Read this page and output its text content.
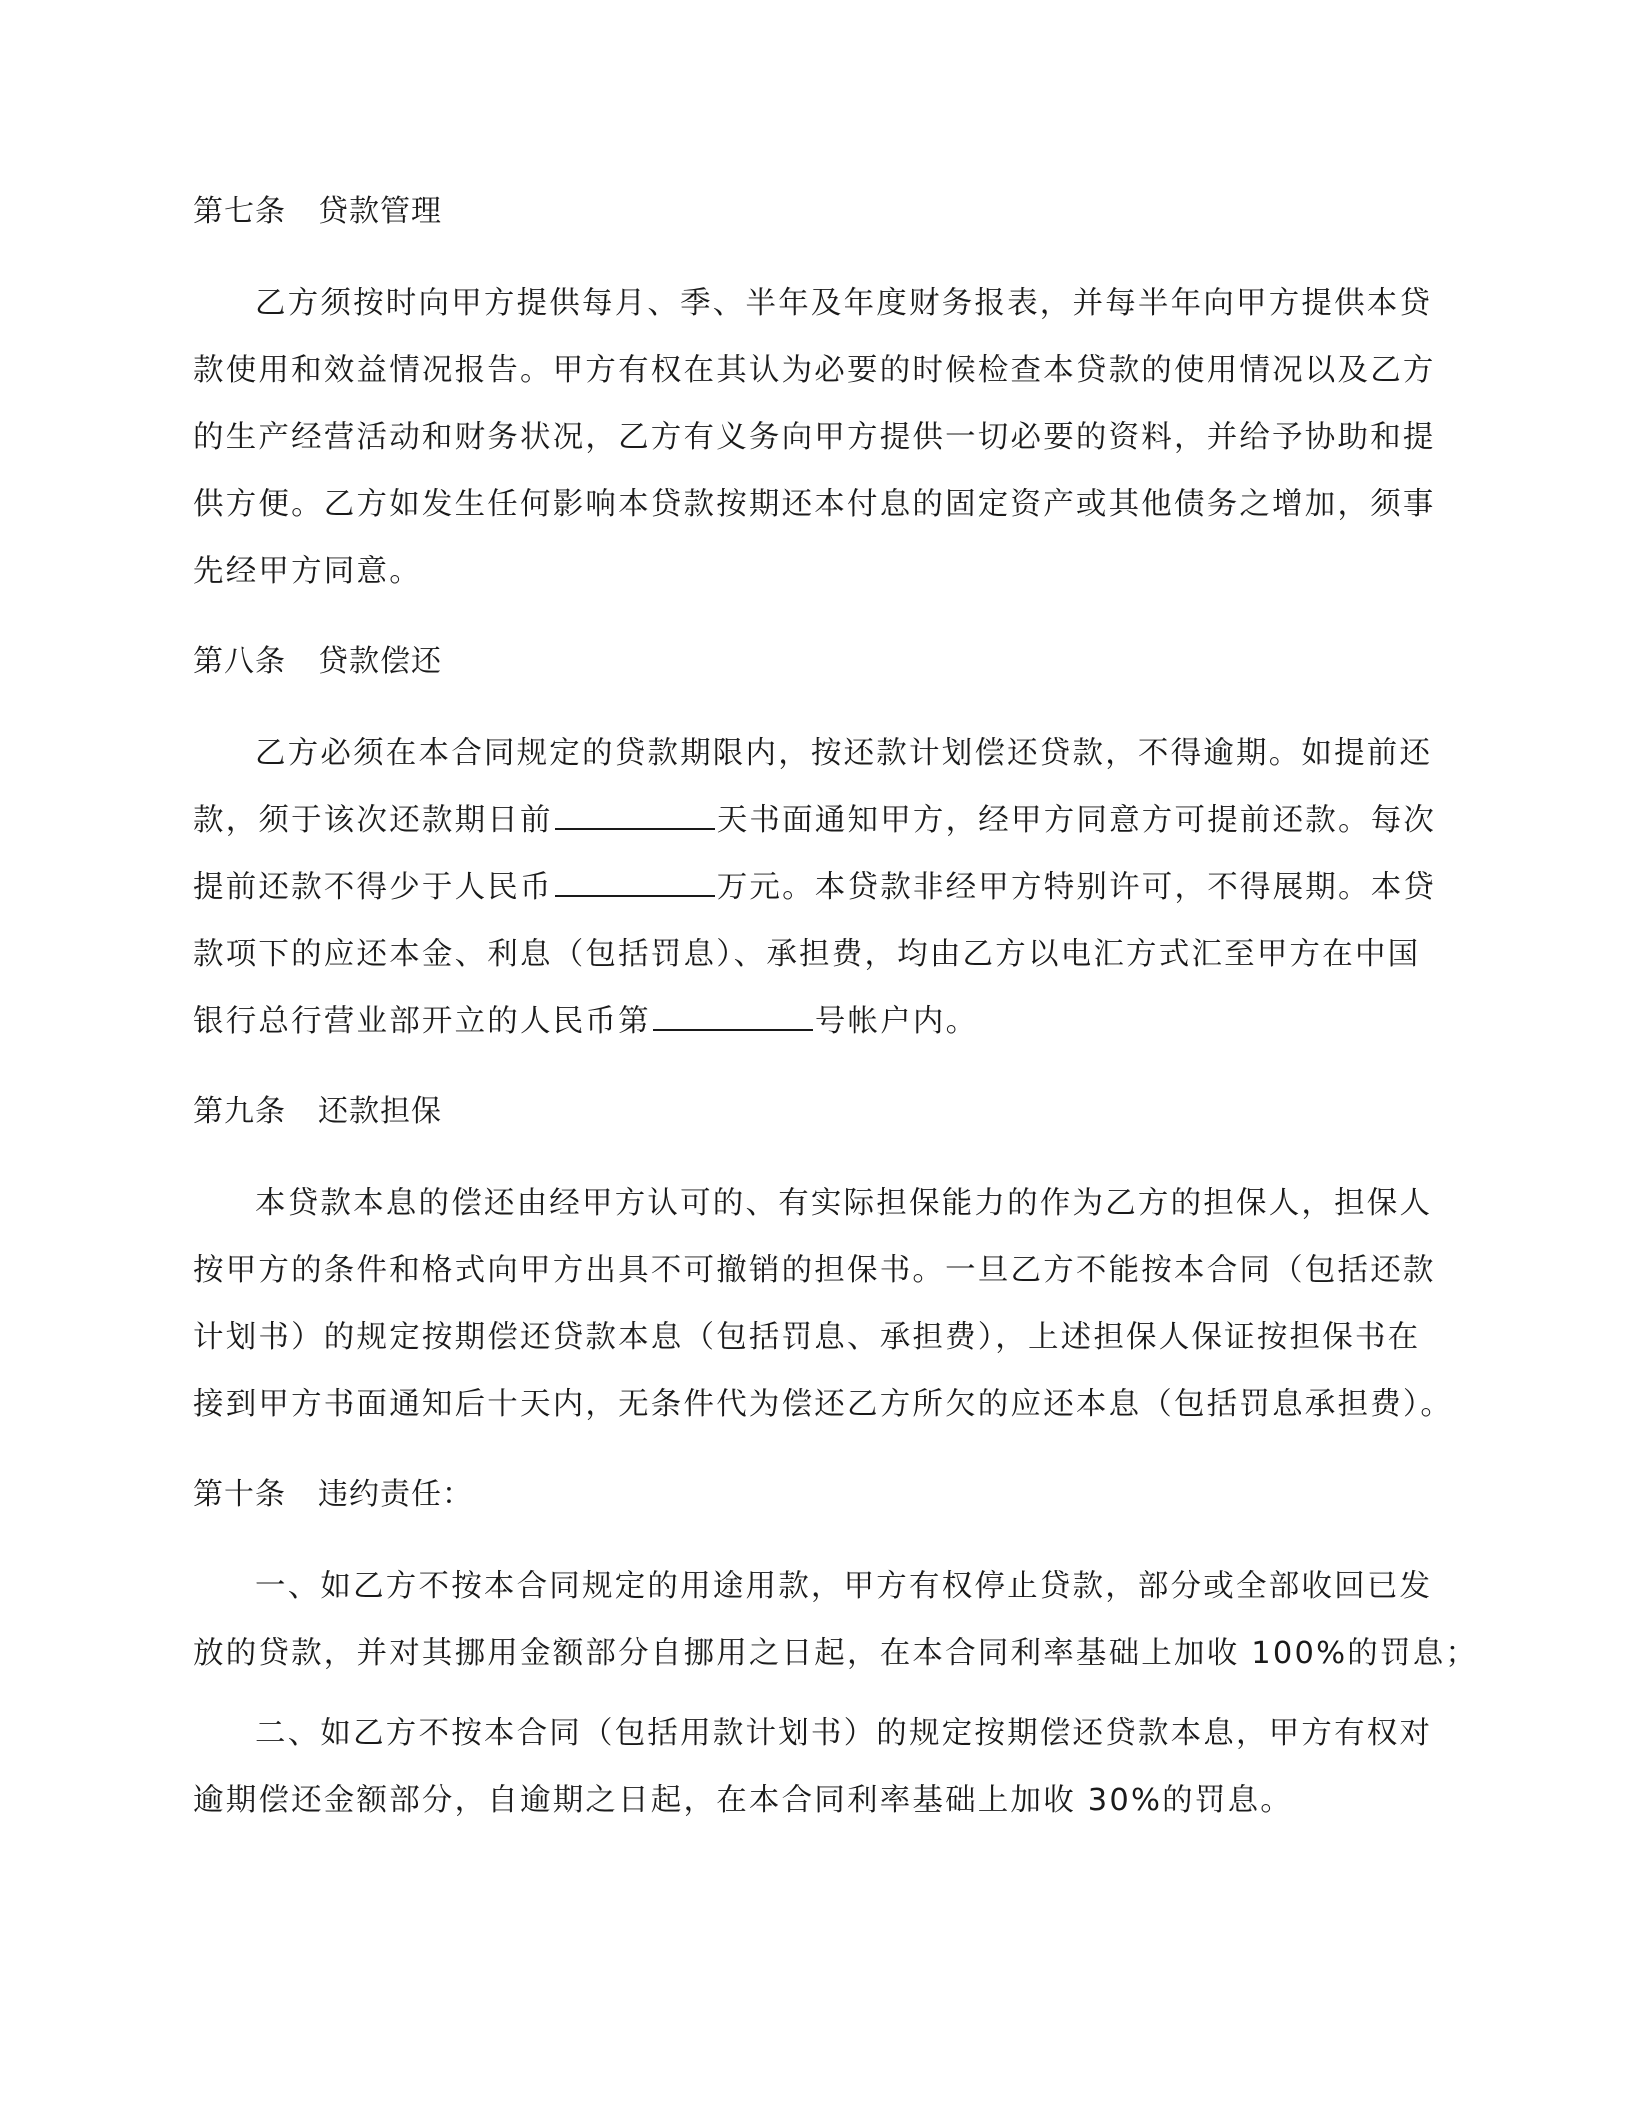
第七条 贷款管理
乙方须按时向甲方提供每月、季、半年及年度财务报表，并每半年向甲方提供本贷
款使用和效益情况报告。甲方有权在其认为必要的时候检查本贷款的使用情况以及乙方
的生产经营活动和财务状况，乙方有义务向甲方提供一切必要的资料，并给予协助和提
供方便。乙方如发生任何影响本贷款按期还本付息的固定资产或其他债务之增加，须事
先经甲方同意。
第八条 贷款偿还
乙方必须在本合同规定的贷款期限内，按还款计划偿还贷款，不得逾期。如提前还
款，须于该次还款期日前	天书面通知甲方，经甲方同意方可提前还款。每次
提前还款不得少于人民币	万元。本贷款非经甲方特别许可，不得展期。本贷
款项下的应还本金、利息（包括罚息）、承担费，均由乙方以电汇方式汇至甲方在中国
银行总行营业部开立的人民币第	号帐户内。
第九条 还款担保
本贷款本息的偿还由经甲方认可的、有实际担保能力的作为乙方的担保人，担保人
按甲方的条件和格式向甲方出具不可撤销的担保书。一旦乙方不能按本合同（包括还款
计划书）的规定按期偿还贷款本息（包括罚息、承担费），上述担保人保证按担保书在
接到甲方书面通知后十天内，无条件代为偿还乙方所欠的应还本息（包括罚息承担费）。
第十条 违约责任：
一、如乙方不按本合同规定的用途用款，甲方有权停止贷款，部分或全部收回已发
放的贷款，并对其挪用金额部分自挪用之日起，在本合同利率基础上加收 100%的罚息；
二、如乙方不按本合同（包括用款计划书）的规定按期偿还贷款本息，甲方有权对
逾期偿还金额部分，自逾期之日起，在本合同利率基础上加收 30%的罚息。
